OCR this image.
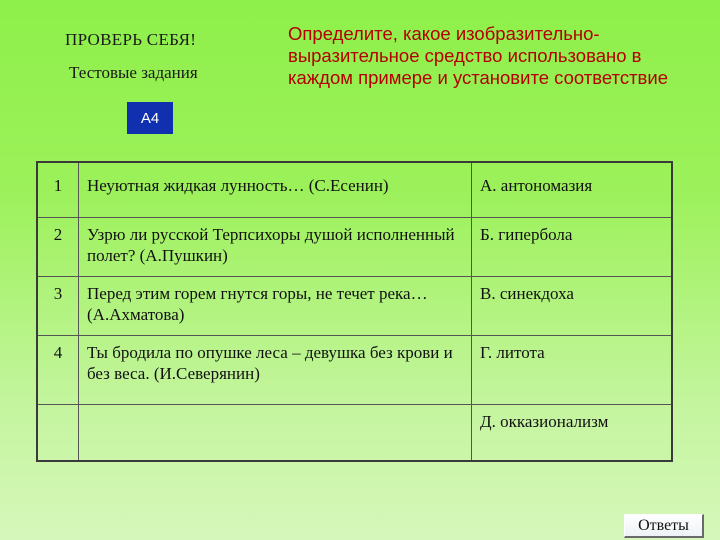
ПРОВЕРЬ СЕБЯ!
Тестовые задания
А4
Определите, какое изобразительно-выразительное средство использовано в каждом примере и установите соответствие
1	Неуютная жидкая лунность… (С.Есенин)	А. антономазия
2	Узрю ли русской Терпсихоры душой исполненный полет? (А.Пушкин)	Б. гипербола
3	Перед этим горем гнутся горы, не течет река… (А.Ахматова)	В. синекдоха
4	Ты бродила по опушке леса – девушка без крови и без веса. (И.Северянин)	Г. литота
		Д. окказионализм
Ответы
